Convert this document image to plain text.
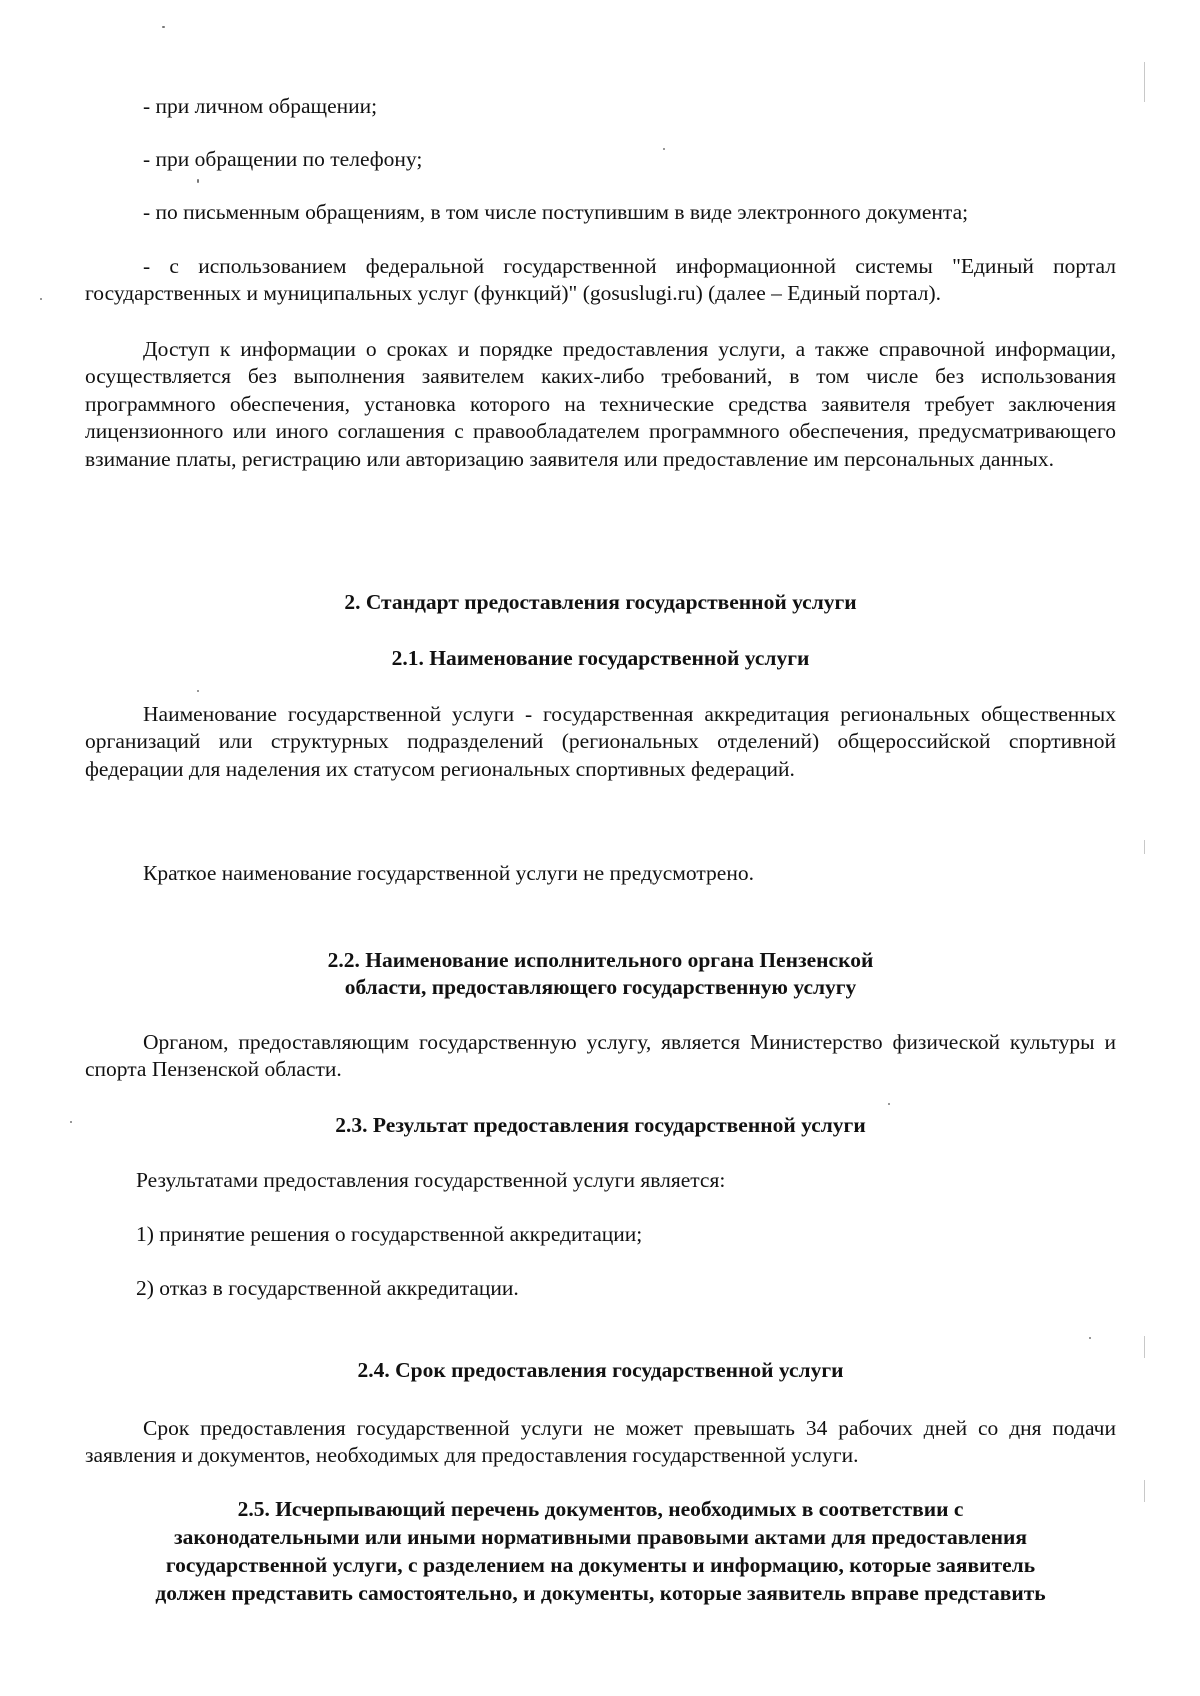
- при личном обращении;
- при обращении по телефону;
- по письменным обращениям, в том числе поступившим в виде электронного документа;
- с использованием федеральной государственной информационной системы "Единый портал государственных и муниципальных услуг (функций)" (gosuslugi.ru) (далее – Единый портал).
Доступ к информации о сроках и порядке предоставления услуги, а также справочной информации, осуществляется без выполнения заявителем каких-либо требований, в том числе без использования программного обеспечения, установка которого на технические средства заявителя требует заключения лицензионного или иного соглашения с правообладателем программного обеспечения, предусматривающего взимание платы, регистрацию или авторизацию заявителя или предоставление им персональных данных.
2. Стандарт предоставления государственной услуги
2.1. Наименование государственной услуги
Наименование государственной услуги - государственная аккредитация региональных общественных организаций или структурных подразделений (региональных отделений) общероссийской спортивной федерации для наделения их статусом региональных спортивных федераций.
Краткое наименование государственной услуги не предусмотрено.
2.2. Наименование исполнительного органа Пензенской
области, предоставляющего государственную услугу
Органом, предоставляющим государственную услугу, является Министерство физической культуры и спорта Пензенской области.
2.3. Результат предоставления государственной услуги
Результатами предоставления государственной услуги является:
1) принятие решения о государственной аккредитации;
2) отказ в государственной аккредитации.
2.4. Срок предоставления государственной услуги
Срок предоставления государственной услуги не может превышать 34 рабочих дней со дня подачи заявления и документов, необходимых для предоставления государственной услуги.
2.5. Исчерпывающий перечень документов, необходимых в соответствии с
законодательными или иными нормативными правовыми актами для предоставления
государственной услуги, с разделением на документы и информацию, которые заявитель
должен представить самостоятельно, и документы, которые заявитель вправе представить
